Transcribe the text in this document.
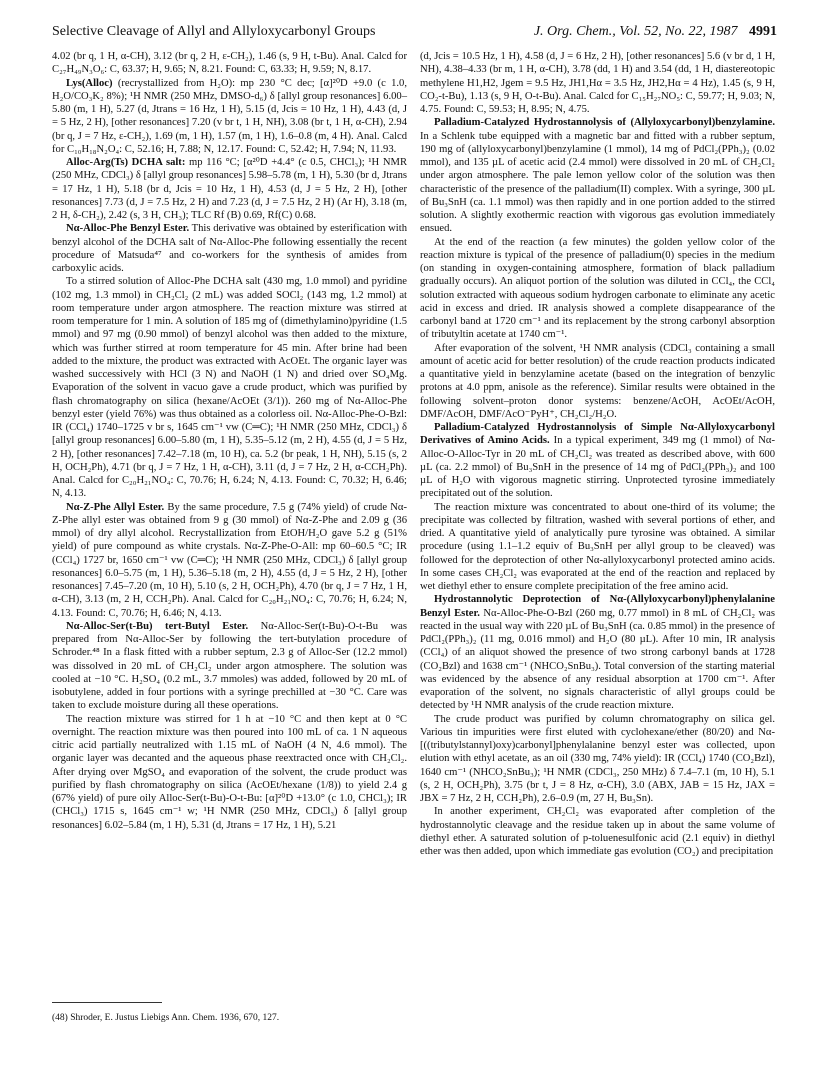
Selective Cleavage of Allyl and Allyloxycarbonyl Groups	J. Org. Chem., Vol. 52, No. 22, 1987 4991

4.02 (br q, 1 H, α-CH), 3.12 (br q, 2 H, ε-CH₂), 1.46 (s, 9 H, t-Bu). Anal. Calcd for C₂₇H₄₉N₃O₆: C, 63.37; H, 9.65; N, 8.21. Found: C, 63.33; H, 9.59; N, 8.17.

Lys(Alloc) (recrystallized from H₂O): mp 230 °C dec; [α]²⁰D +9.0 (c 1.0, H₂O/CO₃K₂ 8%); ¹H NMR (250 MHz, DMSO-d₆) δ [allyl group resonances] 6.00–5.80 (m, 1 H), 5.27 (d, Jtrans = 16 Hz, 1 H), 5.15 (d, Jcis = 10 Hz, 1 H), 4.43 (d, J = 5 Hz, 2 H), [other resonances] 7.20 (v br t, 1 H, NH), 3.08 (br t, 1 H, α-CH), 2.94 (br q, J = 7 Hz, ε-CH₂), 1.69 (m, 1 H), 1.57 (m, 1 H), 1.6–0.8 (m, 4 H). Anal. Calcd for C₁₀H₁₈N₂O₄: C, 52.16; H, 7.88; N, 12.17. Found: C, 52.42; H, 7.94; N, 11.93.

Alloc-Arg(Ts) DCHA salt: mp 116 °C; [α²⁰D +4.4° (c 0.5, CHCl₃); ¹H NMR (250 MHz, CDCl₃) δ [allyl group resonances] 5.98–5.78 (m, 1 H), 5.30 (br d, Jtrans = 17 Hz, 1 H), 5.18 (br d, Jcis = 10 Hz, 1 H), 4.53 (d, J = 5 Hz, 2 H), [other resonances] 7.73 (d, J = 7.5 Hz, 2 H) and 7.23 (d, J = 7.5 Hz, 2 H) (Ar H), 3.18 (m, 2 H, δ-CH₂), 2.42 (s, 3 H, CH₃); TLC Rf (B) 0.69, Rf(C) 0.68.

Nα-Alloc-Phe Benzyl Ester. This derivative was obtained by esterification with benzyl alcohol of the DCHA salt of Nα-Alloc-Phe following essentially the recent procedure of Matsuda⁴⁷ and co-workers for the synthesis of amides from carboxylic acids.

To a stirred solution of Alloc-Phe DCHA salt (430 mg, 1.0 mmol) and pyridine (102 mg, 1.3 mmol) in CH₂Cl₂ (2 mL) was added SOCl₂ (143 mg, 1.2 mmol) at room temperature under argon atmosphere. The reaction mixture was stirred at room temperature for 1 min. A solution of 185 mg of (dimethylamino)pyridine (1.5 mmol) and 97 mg (0.90 mmol) of benzyl alcohol was then added to the mixture, which was further stirred at room temperature for 45 min. After brine had been added to the mixture, the product was extracted with AcOEt. The organic layer was washed successively with HCl (3 N) and NaOH (1 N) and dried over SO₄Mg. Evaporation of the solvent in vacuo gave a crude product, which was purified by flash chromatography on silica (hexane/AcOEt (3/1)). 260 mg of Nα-Alloc-Phe benzyl ester (yield 76%) was thus obtained as a colorless oil. Nα-Alloc-Phe-O-Bzl: IR (CCl₄) 1740–1725 v br s, 1645 cm⁻¹ vw (C═C); ¹H NMR (250 MHz, CDCl₃) δ [allyl group resonances] 6.00–5.80 (m, 1 H), 5.35–5.12 (m, 2 H), 4.55 (d, J = 5 Hz, 2 H), [other resonances] 7.42–7.18 (m, 10 H), ca. 5.2 (br peak, 1 H, NH), 5.15 (s, 2 H, OCH₂Ph), 4.71 (br q, J = 7 Hz, 1 H, α-CH), 3.11 (d, J = 7 Hz, 2 H, α-CCH₂Ph). Anal. Calcd for C₂₀H₂₁NO₄: C, 70.76; H, 6.24; N, 4.13. Found: C, 70.32; H, 6.46; N, 4.13.

Nα-Z-Phe Allyl Ester. By the same procedure, 7.5 g (74% yield) of crude Nα-Z-Phe allyl ester was obtained from 9 g (30 mmol) of Nα-Z-Phe and 2.09 g (36 mmol) of dry allyl alcohol. Recrystallization from EtOH/H₂O gave 5.2 g (51% yield) of pure compound as white crystals. Nα-Z-Phe-O-All: mp 60–60.5 °C; IR (CCl₄) 1727 br, 1650 cm⁻¹ vw (C═C); ¹H NMR (250 MHz, CDCl₃) δ [allyl group resonances] 6.0–5.75 (m, 1 H), 5.36–5.18 (m, 2 H), 4.55 (d, J = 5 Hz, 2 H), [other resonances] 7.45–7.20 (m, 10 H), 5.10 (s, 2 H, OCH₂Ph), 4.70 (br q, J = 7 Hz, 1 H, α-CH), 3.13 (m, 2 H, CCH₂Ph). Anal. Calcd for C₂₀H₂₁NO₄: C, 70.76; H, 6.24; N, 4.13. Found: C, 70.76; H, 6.46; N, 4.13.

Nα-Alloc-Ser(t-Bu) tert-Butyl Ester. Nα-Alloc-Ser(t-Bu)-O-t-Bu was prepared from Nα-Alloc-Ser by following the tert-butylation procedure of Schroder.⁴⁸ In a flask fitted with a rubber septum, 2.3 g of Alloc-Ser (12.2 mmol) was dissolved in 20 mL of CH₂Cl₂ under argon atmosphere. The solution was cooled at −10 °C. H₂SO₄ (0.2 mL, 3.7 mmoles) was added, followed by 20 mL of isobutylene, added in four portions with a syringe prechilled at −30 °C. Care was taken to exclude moisture during all these operations.

The reaction mixture was stirred for 1 h at −10 °C and then kept at 0 °C overnight. The reaction mixture was then poured into 100 mL of ca. 1 N aqueous citric acid partially neutralized with 1.15 mL of NaOH (4 N, 4.6 mmol). The organic layer was decanted and the aqueous phase reextracted once with CH₂Cl₂. After drying over MgSO₄ and evaporation of the solvent, the crude product was purified by flash chromatography on silica (AcOEt/hexane (1/8)) to yield 2.4 g (67% yield) of pure oily Alloc-Ser(t-Bu)-O-t-Bu: [α]²⁰D +13.0° (c 1.0, CHCl₃); IR (CHCl₃) 1715 s, 1645 cm⁻¹ w; ¹H NMR (250 MHz, CDCl₃) δ [allyl group resonances] 6.02–5.84 (m, 1 H), 5.31 (d, Jtrans = 17 Hz, 1 H), 5.21

(d, Jcis = 10.5 Hz, 1 H), 4.58 (d, J = 6 Hz, 2 H), [other resonances] 5.6 (v br d, 1 H, NH), 4.38–4.33 (br m, 1 H, α-CH), 3.78 (dd, 1 H) and 3.54 (dd, 1 H, diastereotopic methylene H1,H2, Jgem = 9.5 Hz, JH1,Hα = 3.5 Hz, JH2,Hα = 4 Hz), 1.45 (s, 9 H, CO₂-t-Bu), 1.13 (s, 9 H, O-t-Bu). Anal. Calcd for C₁₅H₂₇NO₅: C, 59.77; H, 9.03; N, 4.75. Found: C, 59.53; H, 8.95; N, 4.75.

Palladium-Catalyzed Hydrostannolysis of (Allyloxycarbonyl)benzylamine. In a Schlenk tube equipped with a magnetic bar and fitted with a rubber septum, 190 mg of (allyloxycarbonyl)benzylamine (1 mmol), 14 mg of PdCl₂(PPh₃)₂ (0.02 mmol), and 135 µL of acetic acid (2.4 mmol) were dissolved in 20 mL of CH₂Cl₂ under argon atmosphere. The pale lemon yellow color of the solution was then characteristic of the presence of the palladium(II) complex. With a syringe, 300 µL of Bu₃SnH (ca. 1.1 mmol) was then rapidly and in one portion added to the stirred solution. A slightly exothermic reaction with vigorous gas evolution immediately ensued.

At the end of the reaction (a few minutes) the golden yellow color of the reaction mixture is typical of the presence of palladium(0) species in the medium (on standing in oxygen-containing atmosphere, formation of black palladium gradually occurs). An aliquot portion of the solution was diluted in CCl₄, the CCl₄ solution extracted with aqueous sodium hydrogen carbonate to eliminate any acetic acid in excess and dried. IR analysis showed a complete disappearance of the carbonyl band at 1720 cm⁻¹ and its replacement by the strong carbonyl absorption of tributyltin acetate at 1740 cm⁻¹.

After evaporation of the solvent, ¹H NMR analysis (CDCl₃ containing a small amount of acetic acid for better resolution) of the crude reaction products indicated a quantitative yield in benzylamine acetate (based on the integration of benzylic protons at 4.0 ppm, anisole as the reference). Similar results were obtained in the following solvent–proton donor systems: benzene/AcOH, AcOEt/AcOH, DMF/AcOH, DMF/AcO⁻PyH⁺, CH₂Cl₂/H₂O.

Palladium-Catalyzed Hydrostannolysis of Simple Nα-Allyloxycarbonyl Derivatives of Amino Acids. In a typical experiment, 349 mg (1 mmol) of Nα-Alloc-O-Alloc-Tyr in 20 mL of CH₂Cl₂ was treated as described above, with 600 µL (ca. 2.2 mmol) of Bu₃SnH in the presence of 14 mg of PdCl₂(PPh₃)₂ and 100 µL of H₂O with vigorous magnetic stirring. Unprotected tyrosine immediately precipitated out of the solution.

The reaction mixture was concentrated to about one-third of its volume; the precipitate was collected by filtration, washed with several portions of ether, and dried. A quantitative yield of analytically pure tyrosine was obtained. A similar procedure (using 1.1–1.2 equiv of Bu₃SnH per allyl group to be cleaved) was followed for the deprotection of other Nα-allyloxycarbonyl protected amino acids. In some cases CH₂Cl₂ was evaporated at the end of the reaction and replaced by wet diethyl ether to ensure complete precipitation of the free amino acid.

Hydrostannolytic Deprotection of Nα-(Allyloxycarbonyl)phenylalanine Benzyl Ester. Nα-Alloc-Phe-O-Bzl (260 mg, 0.77 mmol) in 8 mL of CH₂Cl₂ was reacted in the usual way with 220 µL of Bu₃SnH (ca. 0.85 mmol) in the presence of PdCl₂(PPh₃)₂ (11 mg, 0.016 mmol) and H₂O (80 µL). After 10 min, IR analysis (CCl₄) of an aliquot showed the presence of two strong carbonyl bands at 1728 (CO₂Bzl) and 1638 cm⁻¹ (NHCO₂SnBu₃). Total conversion of the starting material was evidenced by the absence of any residual absorption at 1700 cm⁻¹. After evaporation of the solvent, no signals characteristic of allyl groups could be detected by ¹H NMR analysis of the crude reaction mixture.

The crude product was purified by column chromatography on silica gel. Various tin impurities were first eluted with cyclohexane/ether (80/20) and Nα-[((tributylstannyl)oxy)carbonyl]phenylalanine benzyl ester was collected, upon elution with ethyl acetate, as an oil (330 mg, 74% yield): IR (CCl₄) 1740 (CO₂Bzl), 1640 cm⁻¹ (NHCO₂SnBu₃); ¹H NMR (CDCl₃, 250 MHz) δ 7.4–7.1 (m, 10 H), 5.1 (s, 2 H, OCH₂Ph), 3.75 (br t, J = 8 Hz, α-CH), 3.0 (ABX, JAB = 15 Hz, JAX = JBX = 7 Hz, 2 H, CCH₂Ph), 2.6–0.9 (m, 27 H, Bu₃Sn).

In another experiment, CH₂Cl₂ was evaporated after completion of the hydrostannolytic cleavage and the residue taken up in about the same volume of diethyl ether. A saturated solution of p-toluenesulfonic acid (2.1 equiv) in diethyl ether was then added, upon which immediate gas evolution (CO₂) and precipitation

(48) Shroder, E. Justus Liebigs Ann. Chem. 1936, 670, 127.
